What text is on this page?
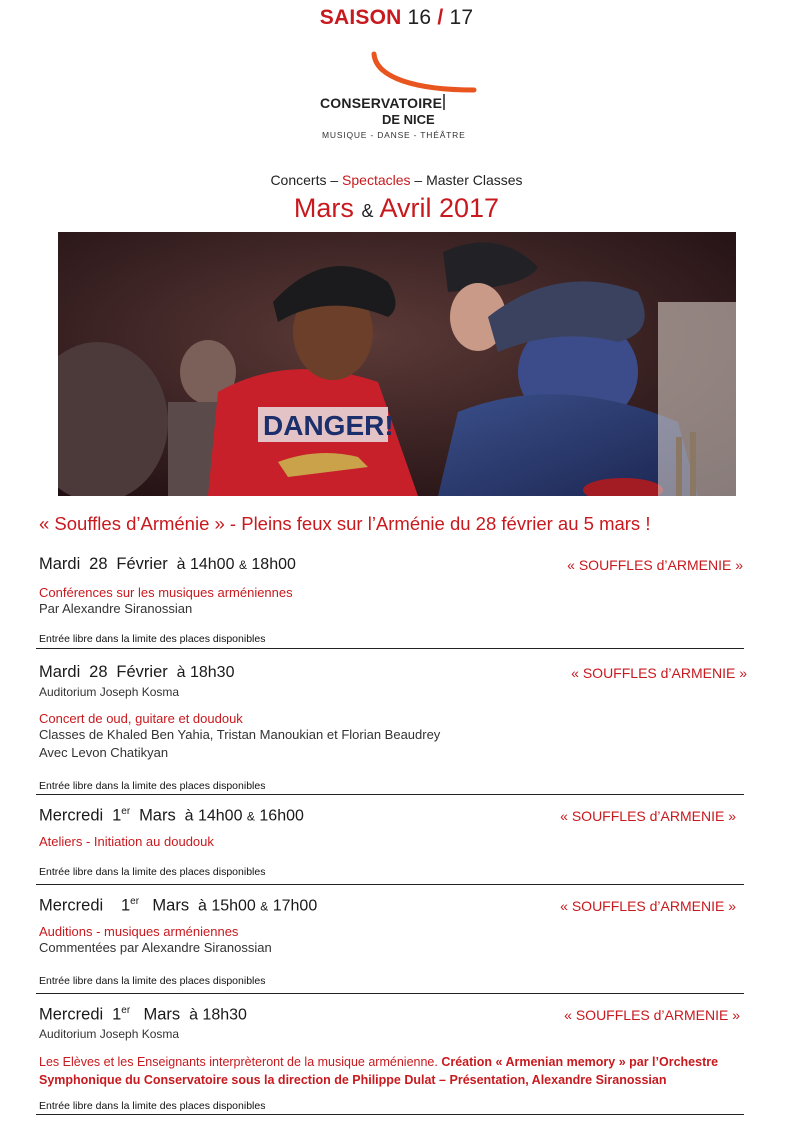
SAISON 16 / 17
CONSERVATOIRE
DE NICE
MUSIQUE - DANSE - THÉÂTRE
Concerts – Spectacles – Master Classes
Mars & Avril 2017
DANGER!
« Souffles d’Arménie » - Pleins feux sur l’Arménie du 28 février au 5 mars !
Mardi 28 Février à 14h00 & 18h00	« SOUFFLES d’ARMENIE »
Conférences sur les musiques arméniennes
Par Alexandre Siranossian
Entrée libre dans la limite des places disponibles
Mardi 28 Février à 18h30	« SOUFFLES d’ARMENIE »
Auditorium Joseph Kosma
Concert de oud, guitare et doudouk
Classes de Khaled Ben Yahia, Tristan Manoukian et Florian Beaudrey
Avec Levon Chatikyan
Entrée libre dans la limite des places disponibles
Mercredi 1er Mars à 14h00 & 16h00	« SOUFFLES d’ARMENIE »
Ateliers - Initiation au doudouk
Entrée libre dans la limite des places disponibles
Mercredi 1er Mars à 15h00 & 17h00	« SOUFFLES d’ARMENIE »
Auditions - musiques arméniennes
Commentées par Alexandre Siranossian
Entrée libre dans la limite des places disponibles
Mercredi 1er Mars à 18h30	« SOUFFLES d’ARMENIE »
Auditorium Joseph Kosma
Les Elèves et les Enseignants interprèteront de la musique arménienne. Création « Armenian memory » par l’Orchestre Symphonique du Conservatoire sous la direction de Philippe Dulat – Présentation, Alexandre Siranossian
Entrée libre dans la limite des places disponibles
